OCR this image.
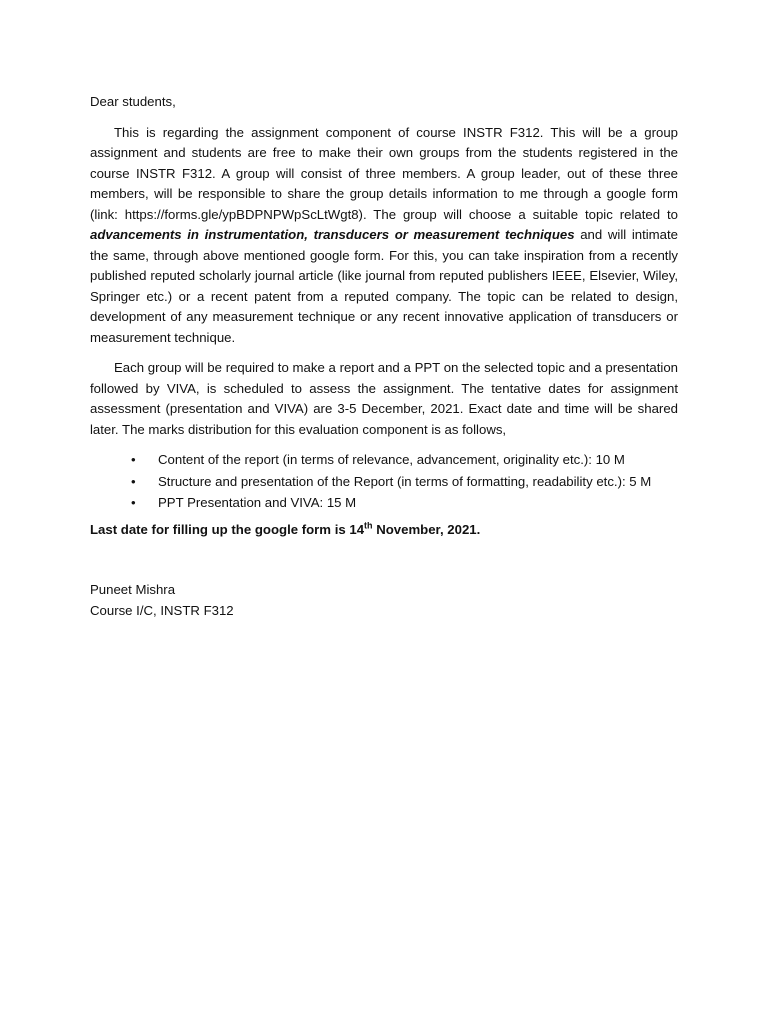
Dear students,

This is regarding the assignment component of course INSTR F312. This will be a group assignment and students are free to make their own groups from the students registered in the course INSTR F312. A group will consist of three members. A group leader, out of these three members, will be responsible to share the group details information to me through a google form (link: https://forms.gle/ypBDPNPWpScLtWgt8). The group will choose a suitable topic related to advancements in instrumentation, transducers or measurement techniques and will intimate the same, through above mentioned google form. For this, you can take inspiration from a recently published reputed scholarly journal article (like journal from reputed publishers IEEE, Elsevier, Wiley, Springer etc.) or a recent patent from a reputed company. The topic can be related to design, development of any measurement technique or any recent innovative application of transducers or measurement technique.

Each group will be required to make a report and a PPT on the selected topic and a presentation followed by VIVA, is scheduled to assess the assignment. The tentative dates for assignment assessment (presentation and VIVA) are 3-5 December, 2021. Exact date and time will be shared later. The marks distribution for this evaluation component is as follows,

• Content of the report (in terms of relevance, advancement, originality etc.): 10 M
• Structure and presentation of the Report (in terms of formatting, readability etc.): 5 M
• PPT Presentation and VIVA: 15 M

Last date for filling up the google form is 14th November, 2021.

Puneet Mishra

Course I/C, INSTR F312
